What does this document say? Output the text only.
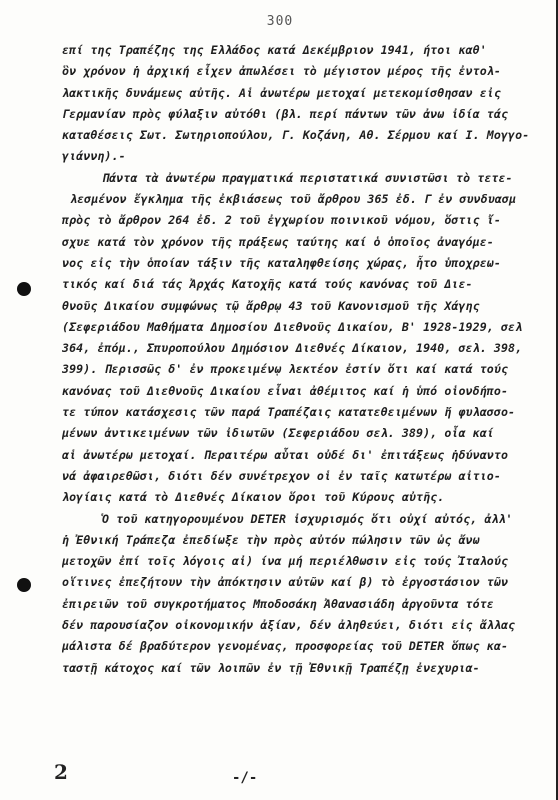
300
επί της Τραπέζης της Ελλάδος κατά Δεκέμβριον 1941, ήτοι καθ'
ὃν χρόνον ἡ ἀρχική εἶχεν ἀπωλέσει τὸ μέγιστον μέρος τῆς ἐντολ-
λακτικῆς δυνάμεως αὐτῆς. Αἱ ἀνωτέρω μετοχαί μετεκομίσθησαν εἰς
Γερμανίαν πρὸς φύλαξιν αὐτόθι (βλ. περί πάντων τῶν ἀνω ἰδία τάς
καταθέσεις Σωτ. Σωτηριοπούλου, Γ. Κοζάνη, Αθ. Σέρμου καί Ι. Μογγο-
γιάννη).-
Πάντα τὰ ἀνωτέρω πραγματικά περιστατικά συνιστῶσι τὸ τετε-
λεσμένον ἔγκλημα τῆς ἐκβιάσεως τοῦ ἄρθρου 365 ἐδ. Γ ἐν συνδυασμ
πρὸς τὸ ἄρθρον 264 ἐδ. 2 τοῦ ἐγχωρίου ποινικοῦ νόμου, ὅστις ἴ-
σχυε κατά τὸν χρόνον τῆς πράξεως ταύτης καί ὁ ὁποῖος ἀναγόμε-
νος εἰς τὴν ὁποίαν τάξιν τῆς καταληφθείσης χώρας, ἦτο ὑποχρεω-
τικός καί διά τάς Ἀρχάς Κατοχῆς κατά τούς κανόνας τοῦ Διε-
θνοῦς Δικαίου συμφώνως τῷ ἄρθρῳ 43 τοῦ Κανονισμοῦ τῆς Χάγης
(Σεφεριάδου Μαθήματα Δημοσίου Διεθνοῦς Δικαίου, Β' 1928-1929, σελ
364, ἐπόμ., Σπυροπούλου Δημόσιον Διεθνές Δίκαιον, 1940, σελ. 398,
399). Περισσῶς δ' ἐν προκειμένῳ λεκτέον ἐστίν ὅτι καί κατά τούς
κανόνας τοῦ Διεθνοῦς Δικαίου εἶναι ἀθέμιτος καί ἡ ὑπό οἱονδήπο-
τε τύπον κατάσχεσις τῶν παρά Τραπέζαις κατατεθειμένων ἤ φυλασσο-
μένων ἀντικειμένων τῶν ἰδιωτῶν (Σεφεριάδου σελ. 389), οἷα καί
αἱ ἀνωτέρω μετοχαί. Περαιτέρω αὗται οὐδέ δι' ἐπιτάξεως ἠδύναντο
νά ἀφαιρεθῶσι, διότι δέν συνέτρεχον οἱ ἐν ταῖς κατωτέρω αἰτιο-
λογίαις κατά τὸ Διεθνές Δίκαιον ὅροι τοῦ Κύρους αὐτῆς.
Ὁ τοῦ κατηγορουμένου DETER ἰσχυρισμός ὅτι οὐχί αὐτός, ἀλλ'
ἡ Ἐθνική Τράπεζα ἐπεδίωξε τὴν πρὸς αὐτόν πώλησιν τῶν ὡς ἄνω
μετοχῶν ἐπί τοῖς λόγοις αἰ) ίνα μή περιέλθωσιν εἰς τούς Ἰταλούς
οἵτινες ἐπεζήτουν τὴν ἀπόκτησιν αὐτῶν καί β) τὸ ἐργοστάσιον τῶν
ἐπιρειῶν τοῦ συγκροτήματος Μποδοσάκη Ἀθανασιάδη ἀργοῦντα τότε
δέν παρουσίαζον οἰκονομικήν ἀξίαν, δέν ἀληθεύει, διότι εἰς ἄλλας
μάλιστα δέ βραδύτερον γενομένας, προσφορείας τοῦ DETER ὅπως κα-
ταστῇ κάτοχος καί τῶν λοιπῶν ἐν τῇ Ἐθνικῇ Τραπέζῃ ἐνεχυρια-
2	-/-
